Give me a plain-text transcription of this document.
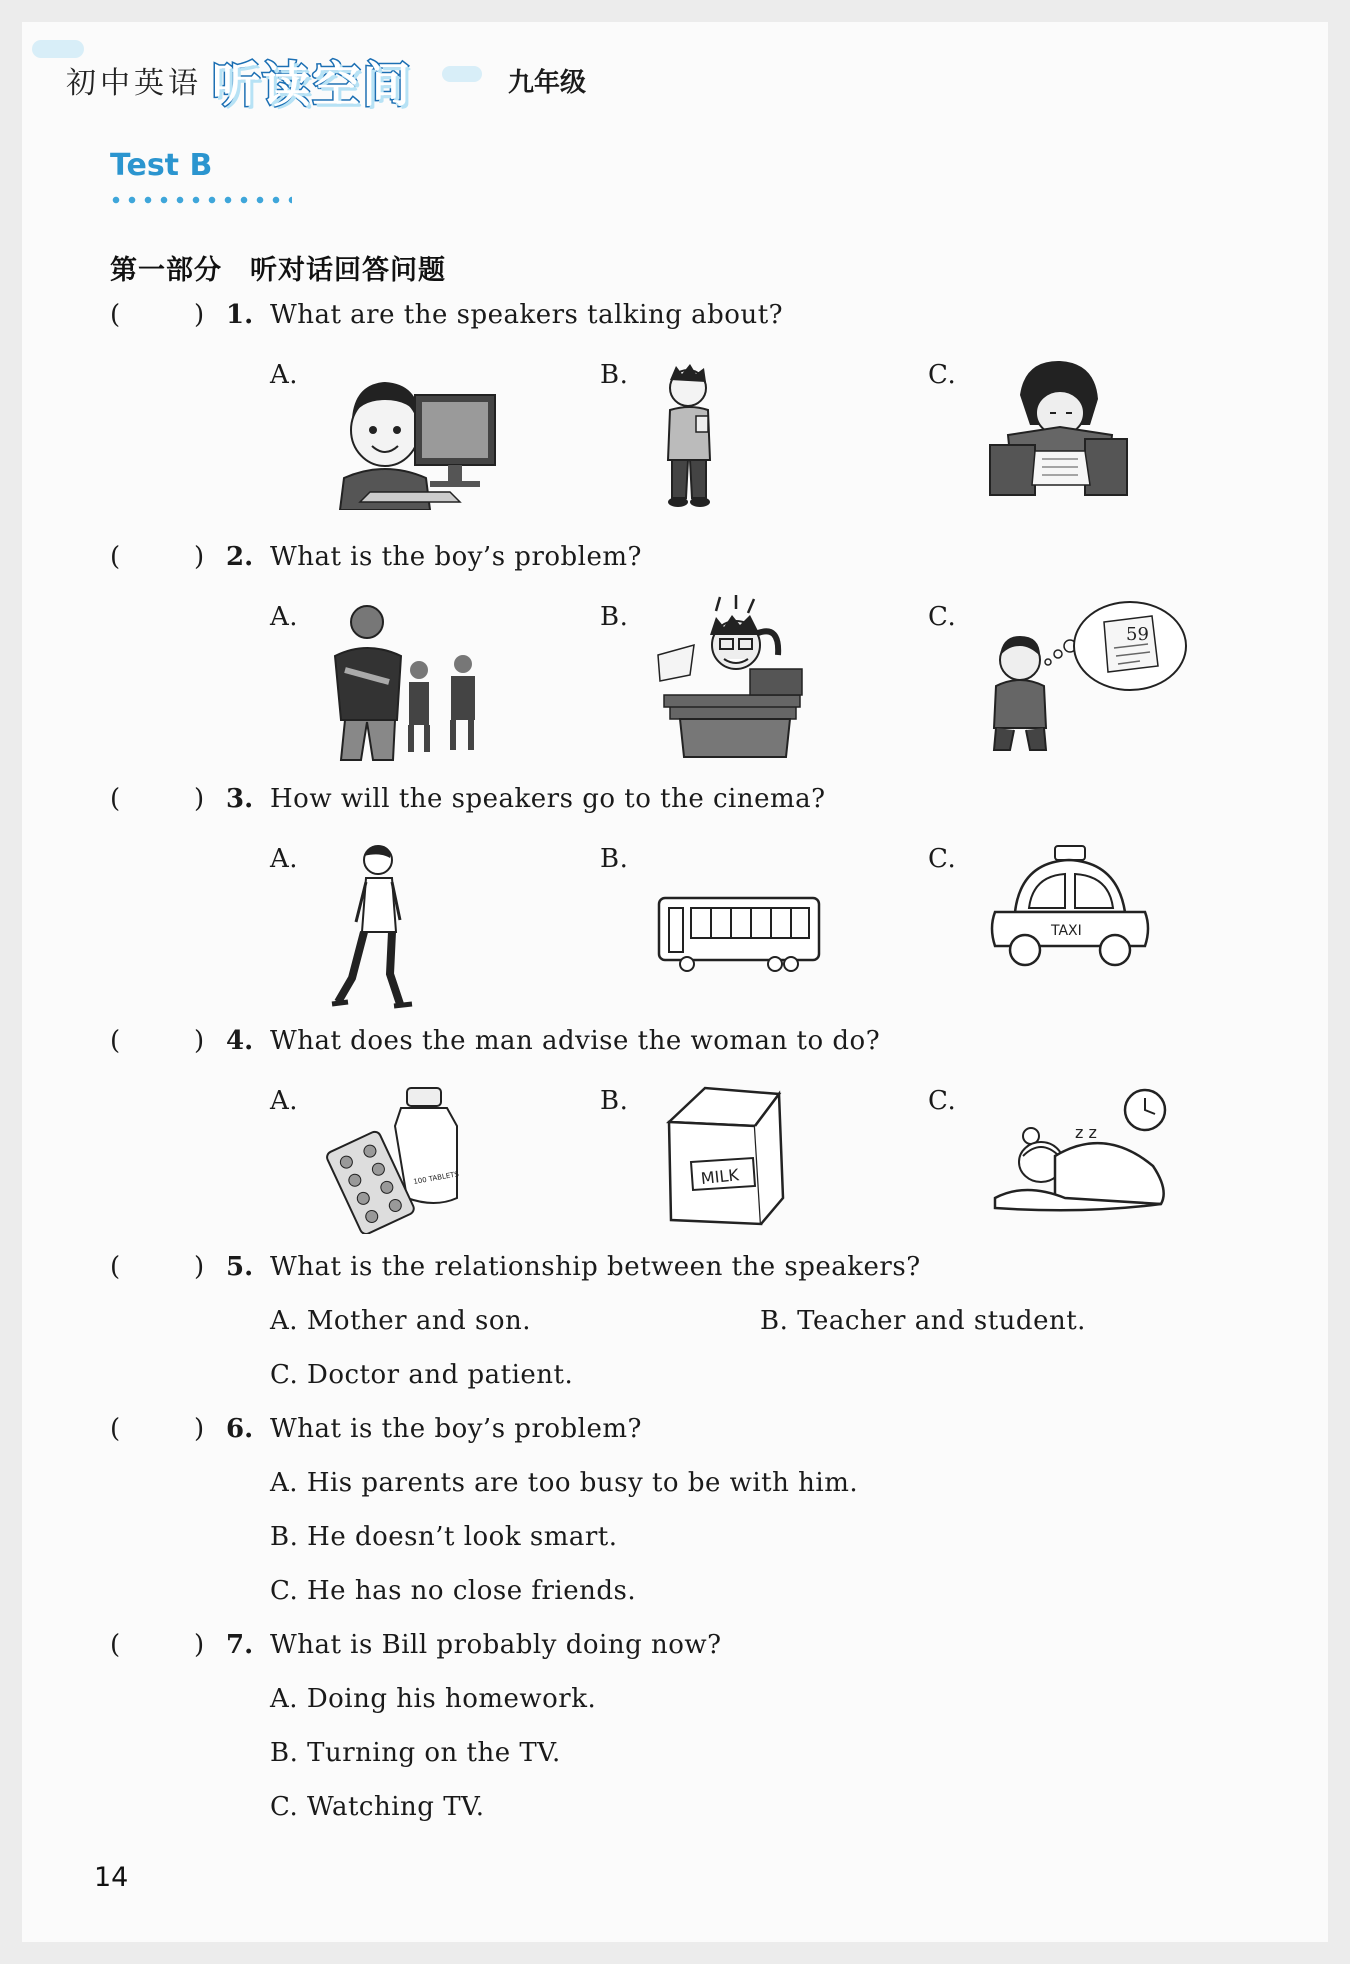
初中英语 听读空间	九年级
Test B
第一部分　听对话回答问题
(	) 1. What are the speakers talking about?
A.	B.	C.
(	) 2. What is the boy’s problem?
A.	B.	C.
59
(	) 3. How will the speakers go to the cinema?
A.	B.	C.
TAXI
(	) 4. What does the man advise the woman to do?
A.	B.	C.
100 TABLETS	MILK
z z
(	) 5. What is the relationship between the speakers?
A. Mother and son.	B. Teacher and student.
C. Doctor and patient.
(	) 6. What is the boy’s problem?
A. His parents are too busy to be with him.
B. He doesn’t look smart.
C. He has no close friends.
(	) 7. What is Bill probably doing now?
A. Doing his homework.
B. Turning on the TV.
C. Watching TV.
14
